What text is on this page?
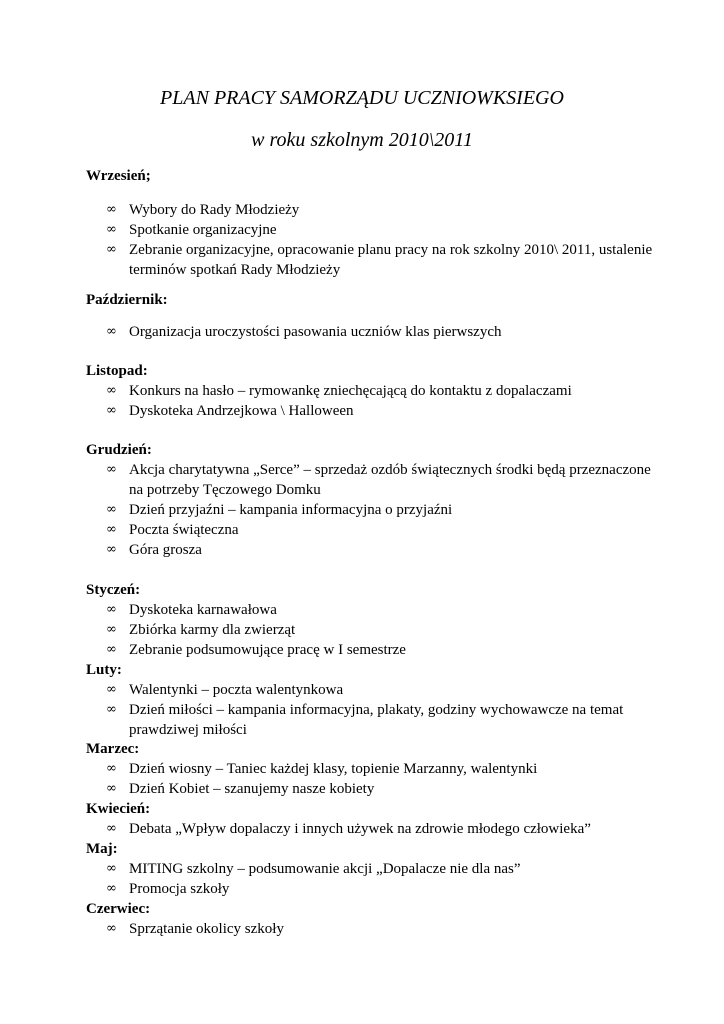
PLAN PRACY SAMORZĄDU UCZNIOWKSIEGO
w roku szkolnym 2010\2011
Wrzesień;
∞ Wybory do Rady Młodzieży
∞ Spotkanie organizacyjne
∞ Zebranie organizacyjne, opracowanie planu pracy na rok szkolny 2010\ 2011, ustalenie terminów spotkań Rady Młodzieży
Październik:
∞ Organizacja uroczystości pasowania uczniów klas pierwszych
Listopad:
∞ Konkurs na hasło – rymowankę zniechęcającą do kontaktu z dopalaczami
∞ Dyskoteka Andrzejkowa \ Halloween
Grudzień:
∞ Akcja charytatywna „Serce” – sprzedaż ozdób świątecznych środki będą przeznaczone na potrzeby Tęczowego Domku
∞ Dzień przyjaźni – kampania informacyjna o przyjaźni
∞ Poczta świąteczna
∞ Góra grosza
Styczeń:
∞ Dyskoteka karnawałowa
∞ Zbiórka karmy dla zwierząt
∞ Zebranie podsumowujące pracę w I semestrze
Luty:
∞ Walentynki – poczta walentynkowa
∞ Dzień miłości – kampania informacyjna, plakaty, godziny wychowawcze na temat prawdziwej miłości
Marzec:
∞ Dzień wiosny – Taniec każdej klasy, topienie Marzanny, walentynki
∞ Dzień Kobiet – szanujemy nasze kobiety
Kwiecień:
∞ Debata „Wpływ dopalaczy i innych używek na zdrowie młodego człowieka”
Maj:
∞ MITING szkolny – podsumowanie akcji „Dopalacze nie dla nas”
∞ Promocja szkoły
Czerwiec:
∞ Sprzątanie okolicy szkoły
